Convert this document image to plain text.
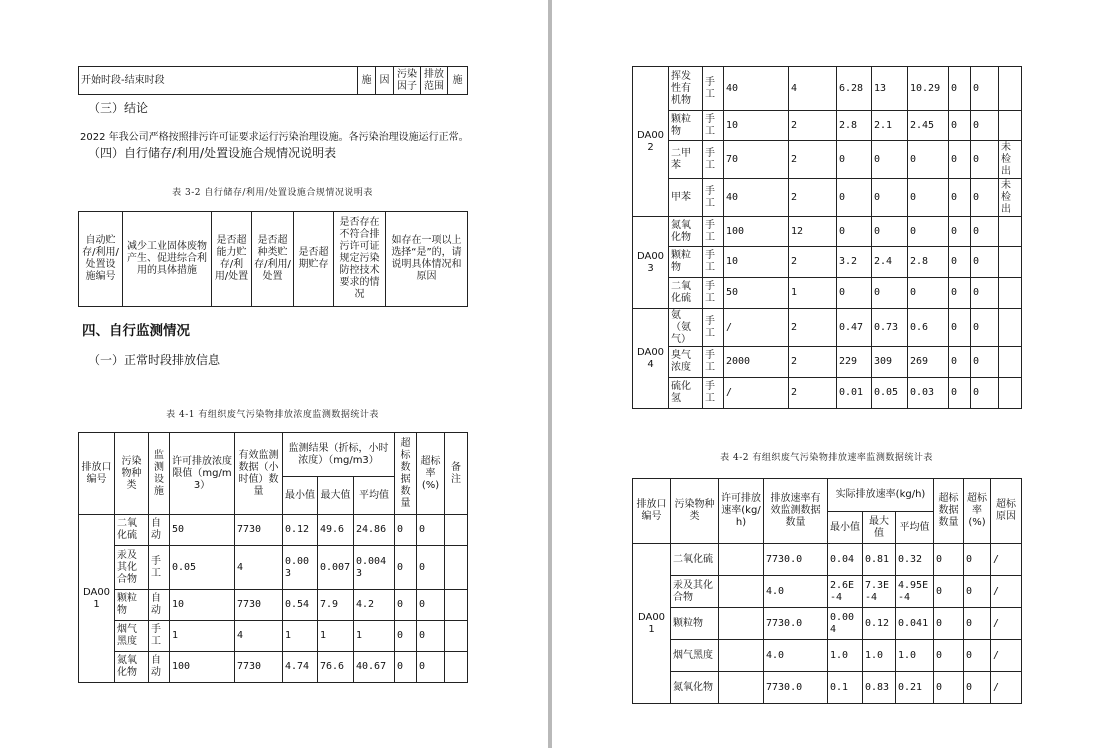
开始时段-结束时段	施	因	污染因子	排放范围	施
（三）结论
2022 年我公司严格按照排污许可证要求运行污染治理设施。各污染治理设施运行正常。
（四）自行储存/利用/处置设施合规情况说明表
表 3-2 自行储存/利用/处置设施合规情况说明表
自动贮存/利用/处置设施编号	减少工业固体废物产生、促进综合利用的具体措施	是否超能力贮存/利用/处置	是否超种类贮存/利用/处置	是否超期贮存	是否存在不符合排污许可证规定污染防控技术要求的情况	如存在一项以上选择“是”的，请说明具体情况和原因
四、自行监测情况
（一）正常时段排放信息
表 4-1 有组织废气污染物排放浓度监测数据统计表
排放口编号	污染物种类	监测设施	许可排放浓度限值（mg/m3）	有效监测数据（小时值）数量	监测结果（折标，小时浓度）（mg/m3）			超标数据数量	超标率(%)	备注
					最小值	最大值	平均值			
DA001	二氧化硫	自动	50	7730	0.12	49.6	24.86	0	0	
	汞及其化合物	手工	0.05	4	0.003	0.007	0.0043	0	0	
	颗粒物	自动	10	7730	0.54	7.9	4.2	0	0	
	烟气黑度	手工	1	4	1	1	1	0	0	
	氮氧化物	自动	100	7730	4.74	76.6	40.67	0	0	
DA002	挥发性有机物	手工	40	4	6.28	13	10.29	0	0	
	颗粒物	手工	10	2	2.8	2.1	2.45	0	0	
	二甲苯	手工	70	2	0	0	0	0	0	未检出
	甲苯	手工	40	2	0	0	0	0	0	未检出
DA003	氮氧化物	手工	100	12	0	0	0	0	0	
	颗粒物	手工	10	2	3.2	2.4	2.8	0	0	
	二氧化硫	手工	50	1	0	0	0	0	0	
DA004	氨（氨气）	手工	/	2	0.47	0.73	0.6	0	0	
	臭气浓度	手工	2000	2	229	309	269	0	0	
	硫化氢	手工	/	2	0.01	0.05	0.03	0	0	
表 4-2 有组织废气污染物排放速率监测数据统计表
排放口编号	污染物种类	许可排放速率(kg/h)	排放速率有效监测数据数量	实际排放速率(kg/h)			超标数据数量	超标率(%)	超标原因
				最小值	最大值	平均值			
DA001	二氧化硫		7730.0	0.04	0.81	0.32	0	0	/
	汞及其化合物		4.0	2.6E-4	7.3E-4	4.95E-4	0	0	/
	颗粒物		7730.0	0.004	0.12	0.041	0	0	/
	烟气黑度		4.0	1.0	1.0	1.0	0	0	/
	氮氧化物		7730.0	0.1	0.83	0.21	0	0	/
